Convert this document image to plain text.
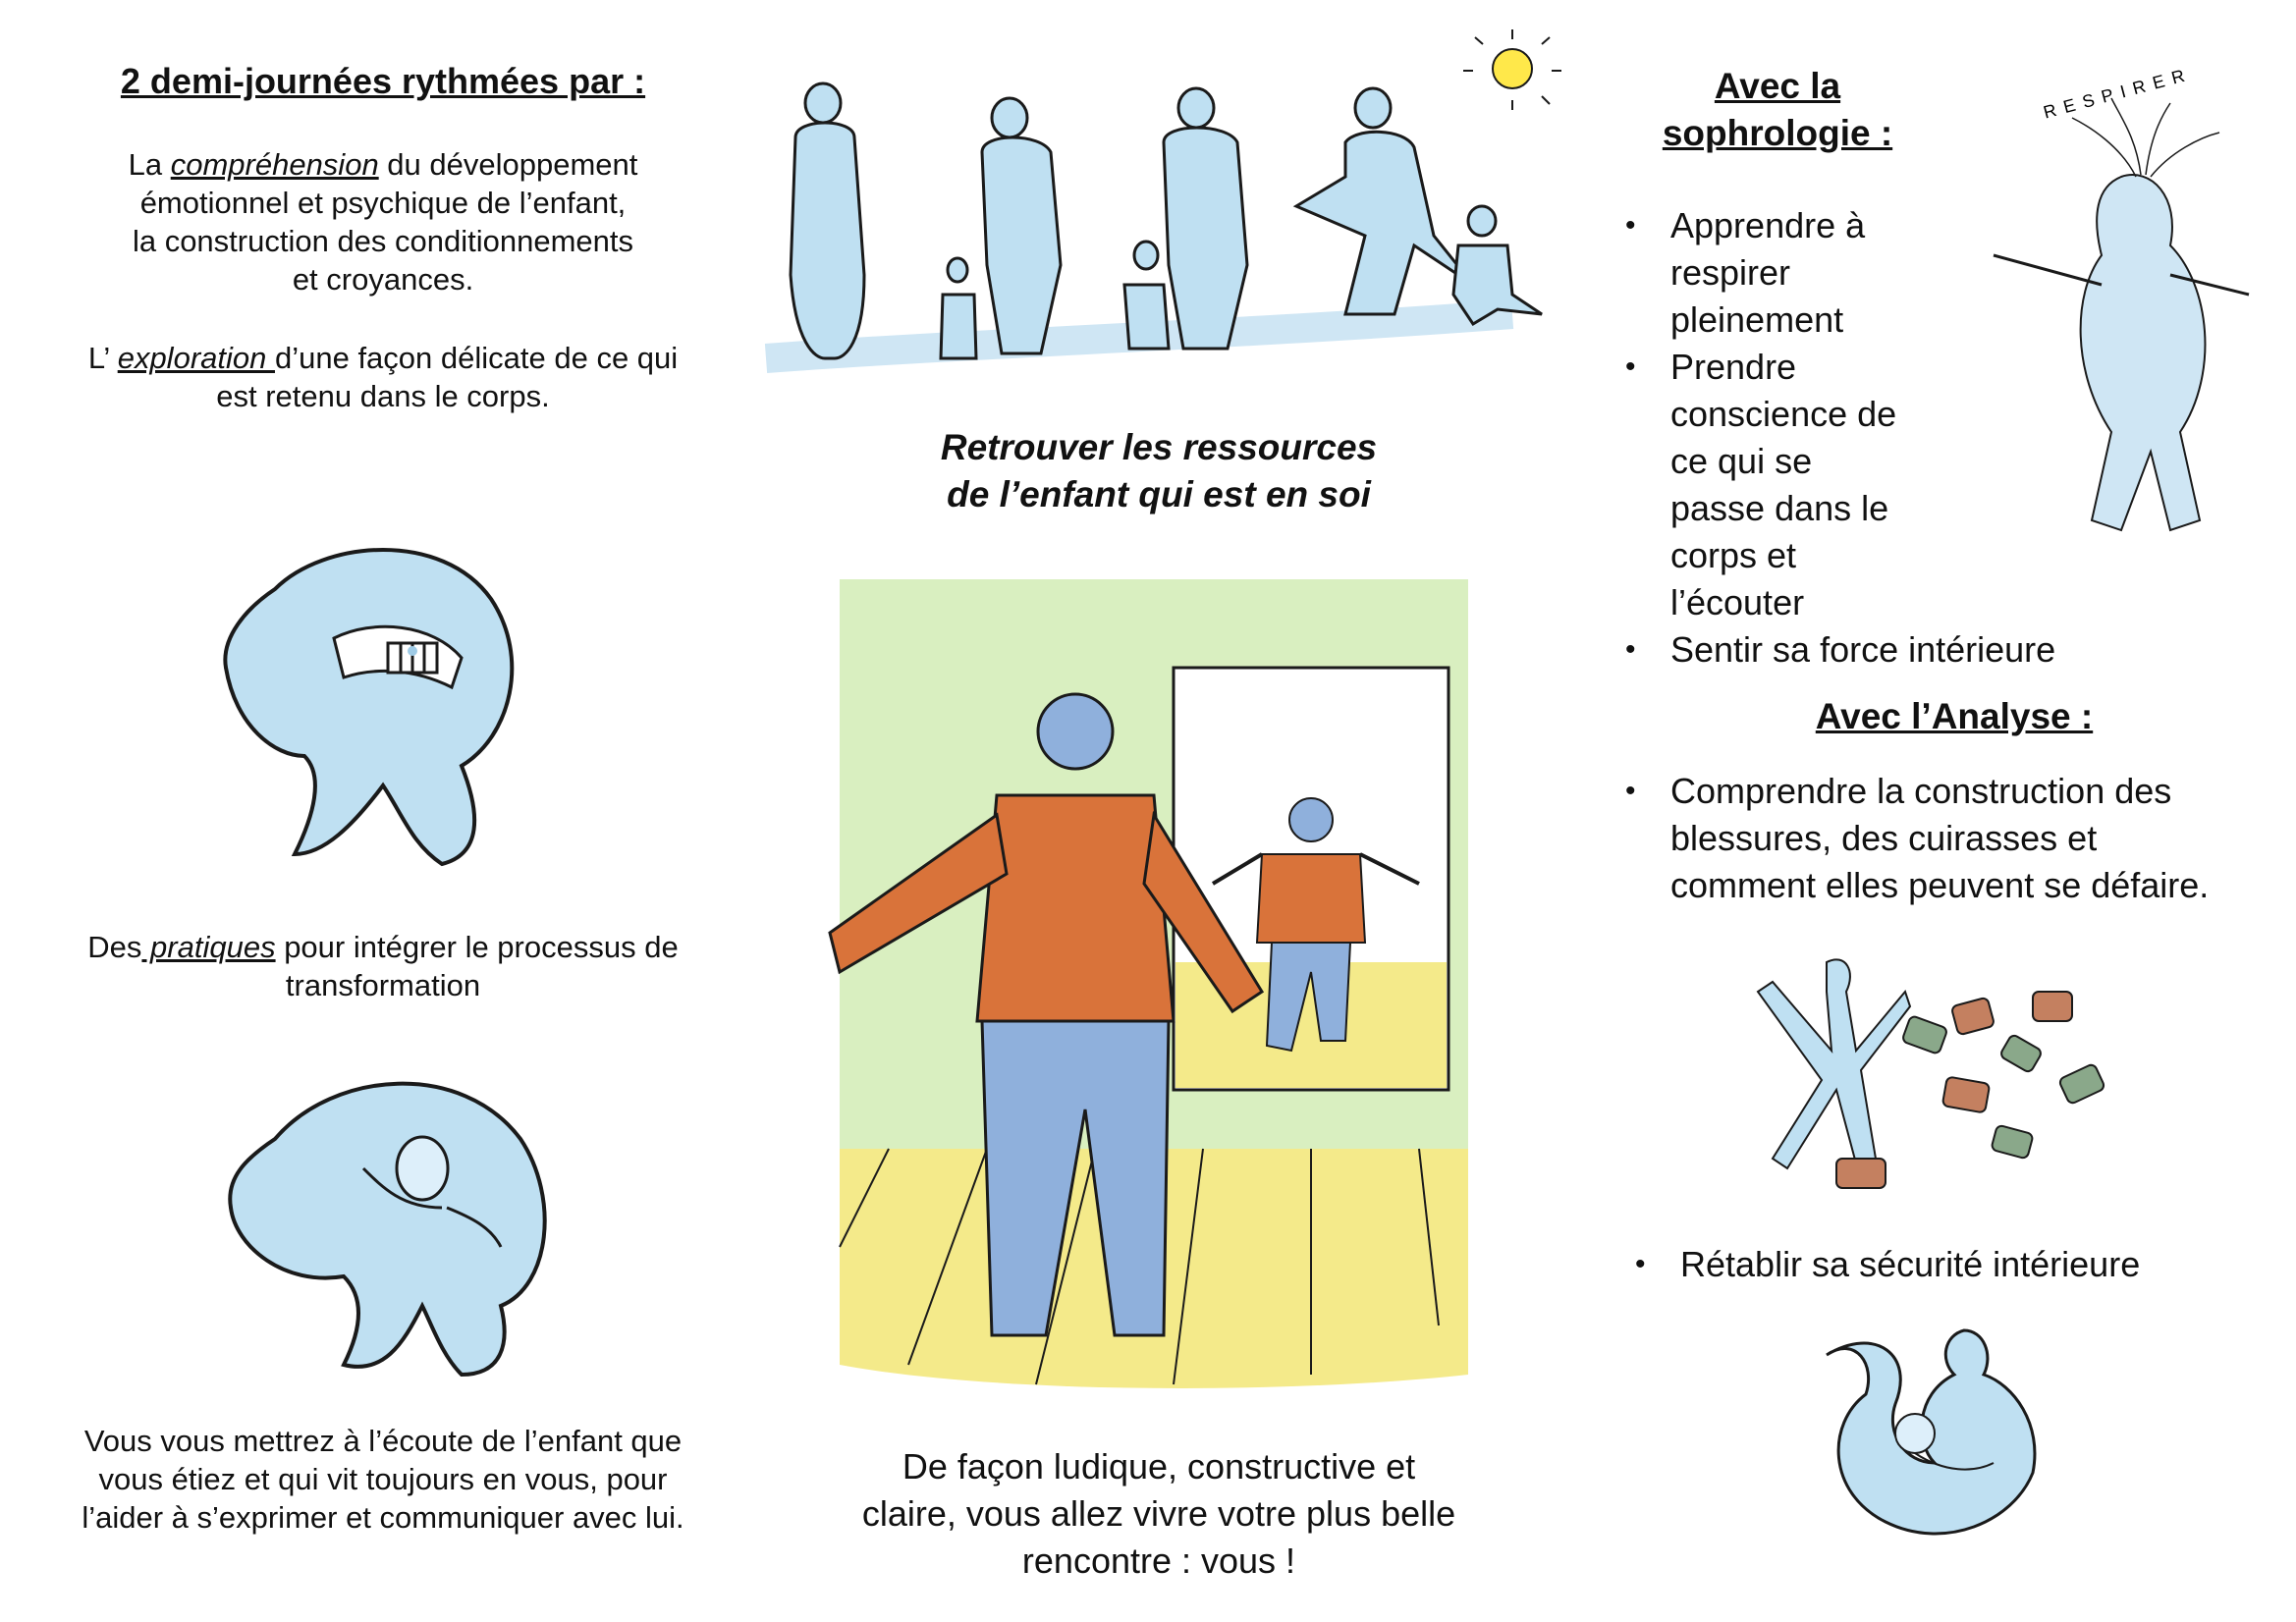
2 demi-journées rythmées par :
La compréhension du développement
émotionnel et psychique de l’enfant,
la construction des conditionnements
et croyances.
L’ exploration d’une façon délicate de ce qui
est retenu dans le corps.
Des pratiques pour intégrer le processus de
transformation
Vous vous mettrez à l’écoute de l’enfant que
vous étiez et qui vit toujours en vous, pour
l’aider à s’exprimer et communiquer avec lui.
Retrouver les ressources
de l’enfant qui est en soi
De façon ludique, constructive et
claire, vous allez vivre votre plus belle
rencontre : vous !
Avec la
sophrologie :
• Apprendre à
respirer
pleinement
• Prendre
conscience de
ce qui se
passe dans le
corps et
l’écouter
• Sentir sa force intérieure
RESPIRER
Avec l’Analyse :
• Comprendre la construction des
blessures, des cuirasses et
comment elles peuvent se défaire.
• Rétablir sa sécurité intérieure
